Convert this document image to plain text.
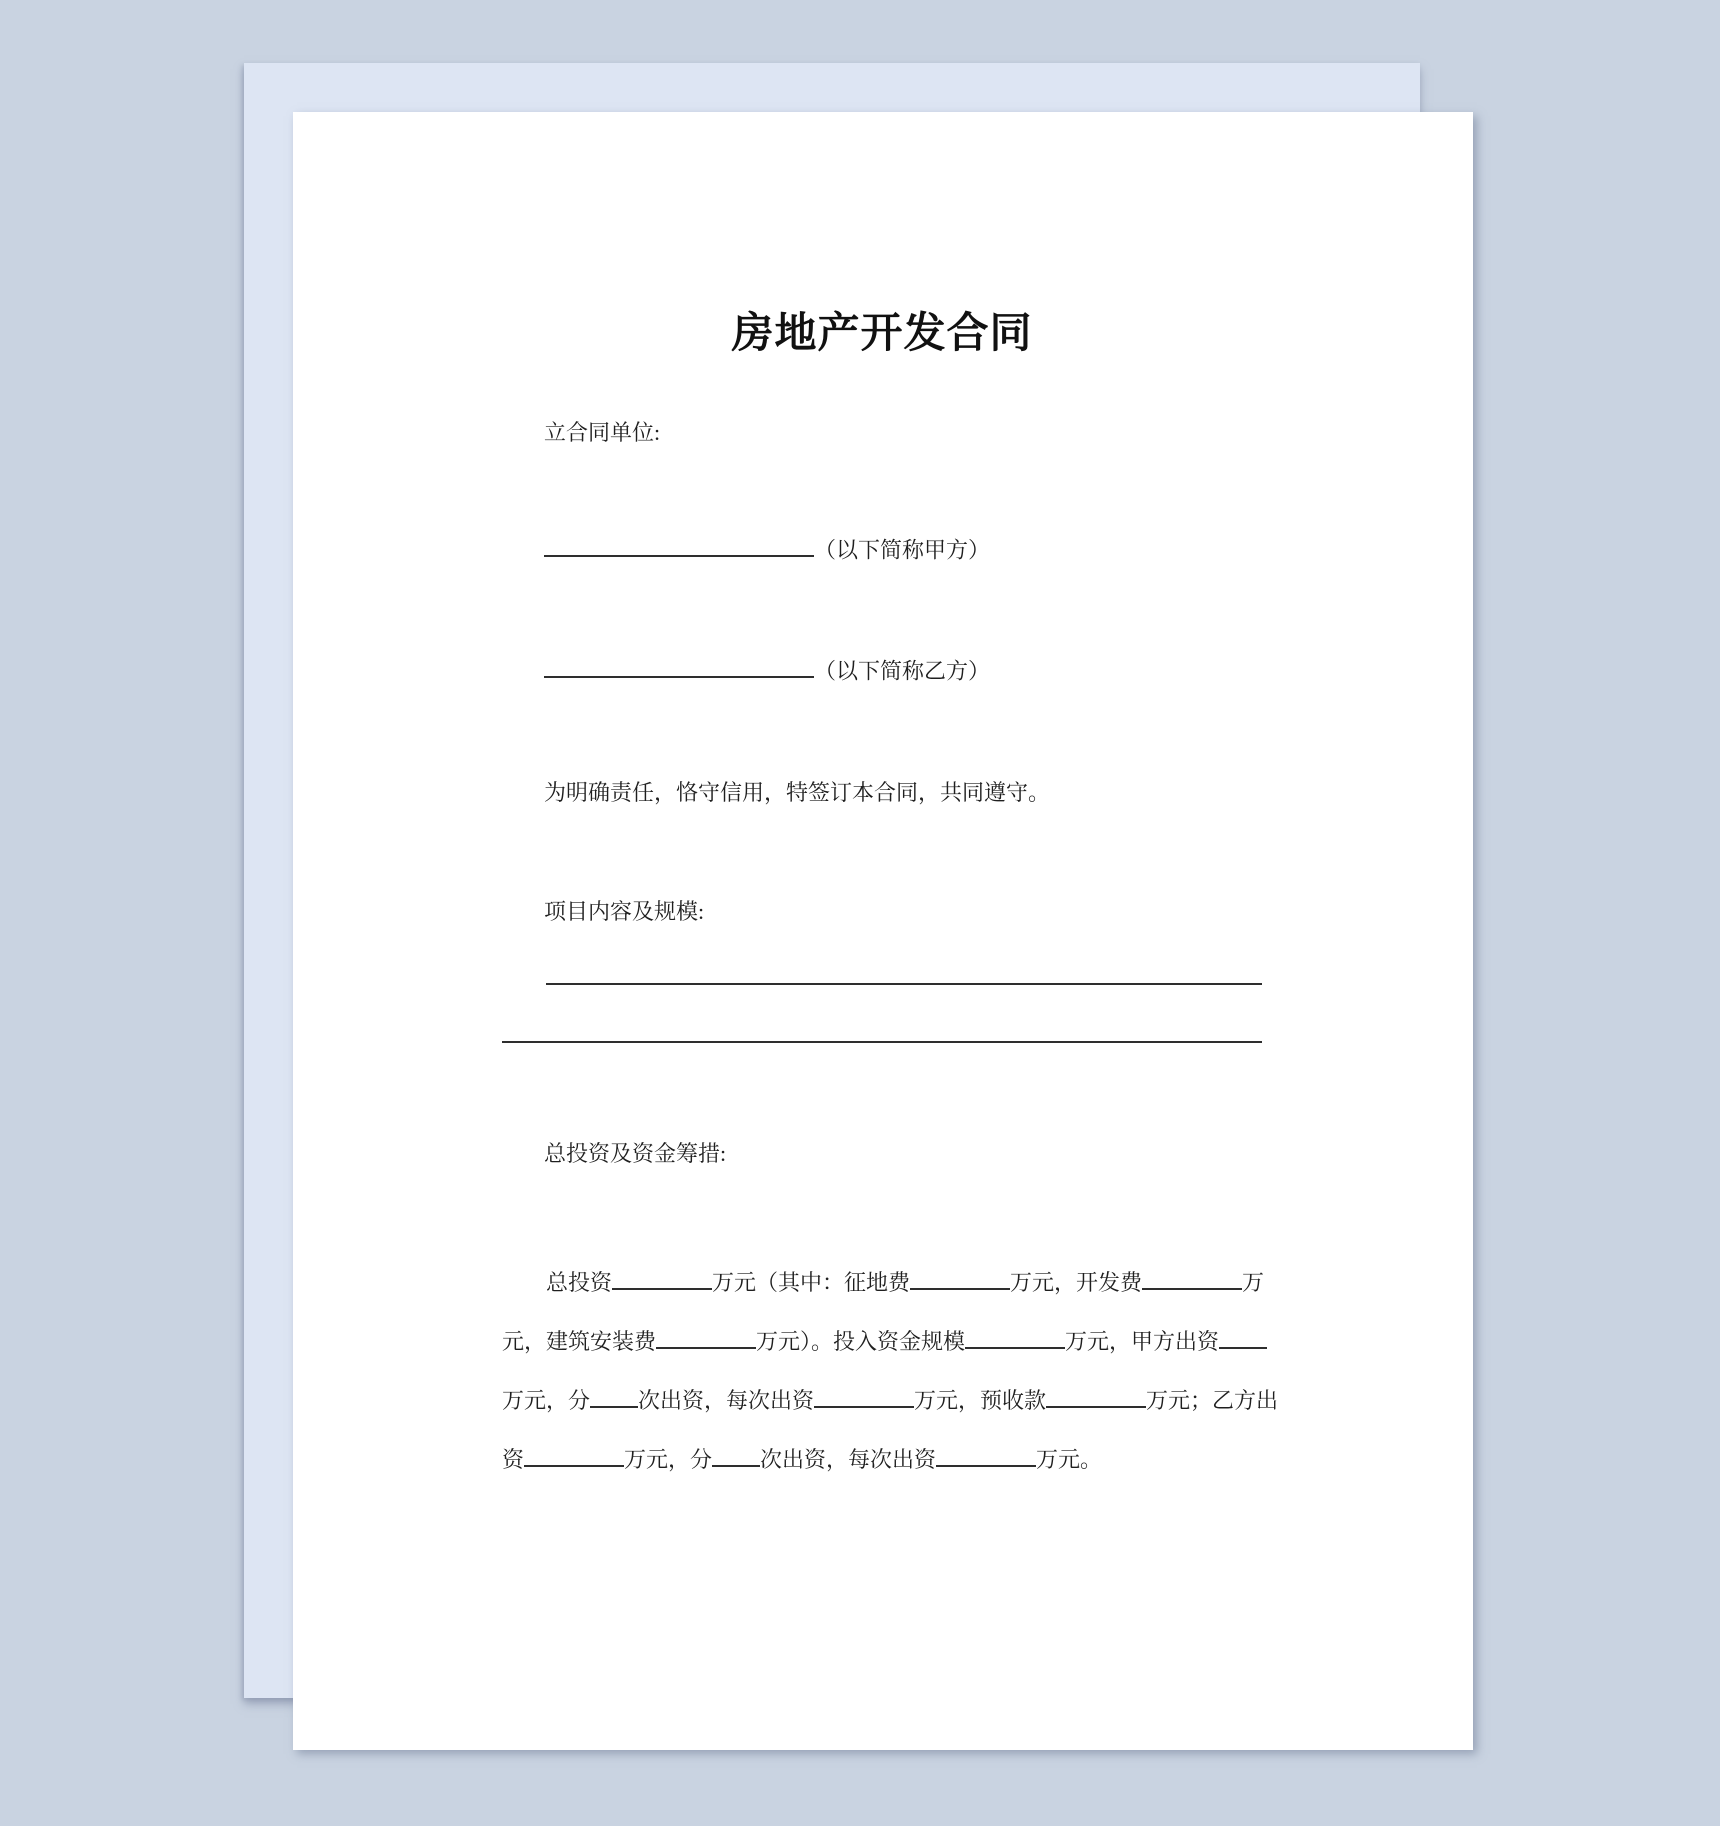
房地产开发合同
立合同单位:
（以下简称甲方）
（以下简称乙方）
为明确责任，恪守信用，特签订本合同，共同遵守。
项目内容及规模:
总投资及资金筹措:
总投资	万元（其中：征地费	万元，开发费	万
元，建筑安装费	万元）。投入资金规模	万元，甲方出资
万元，分 次出资，每次出资	万元，预收款	万元；乙方出
资	万元，分 次出资，每次出资	万元。
